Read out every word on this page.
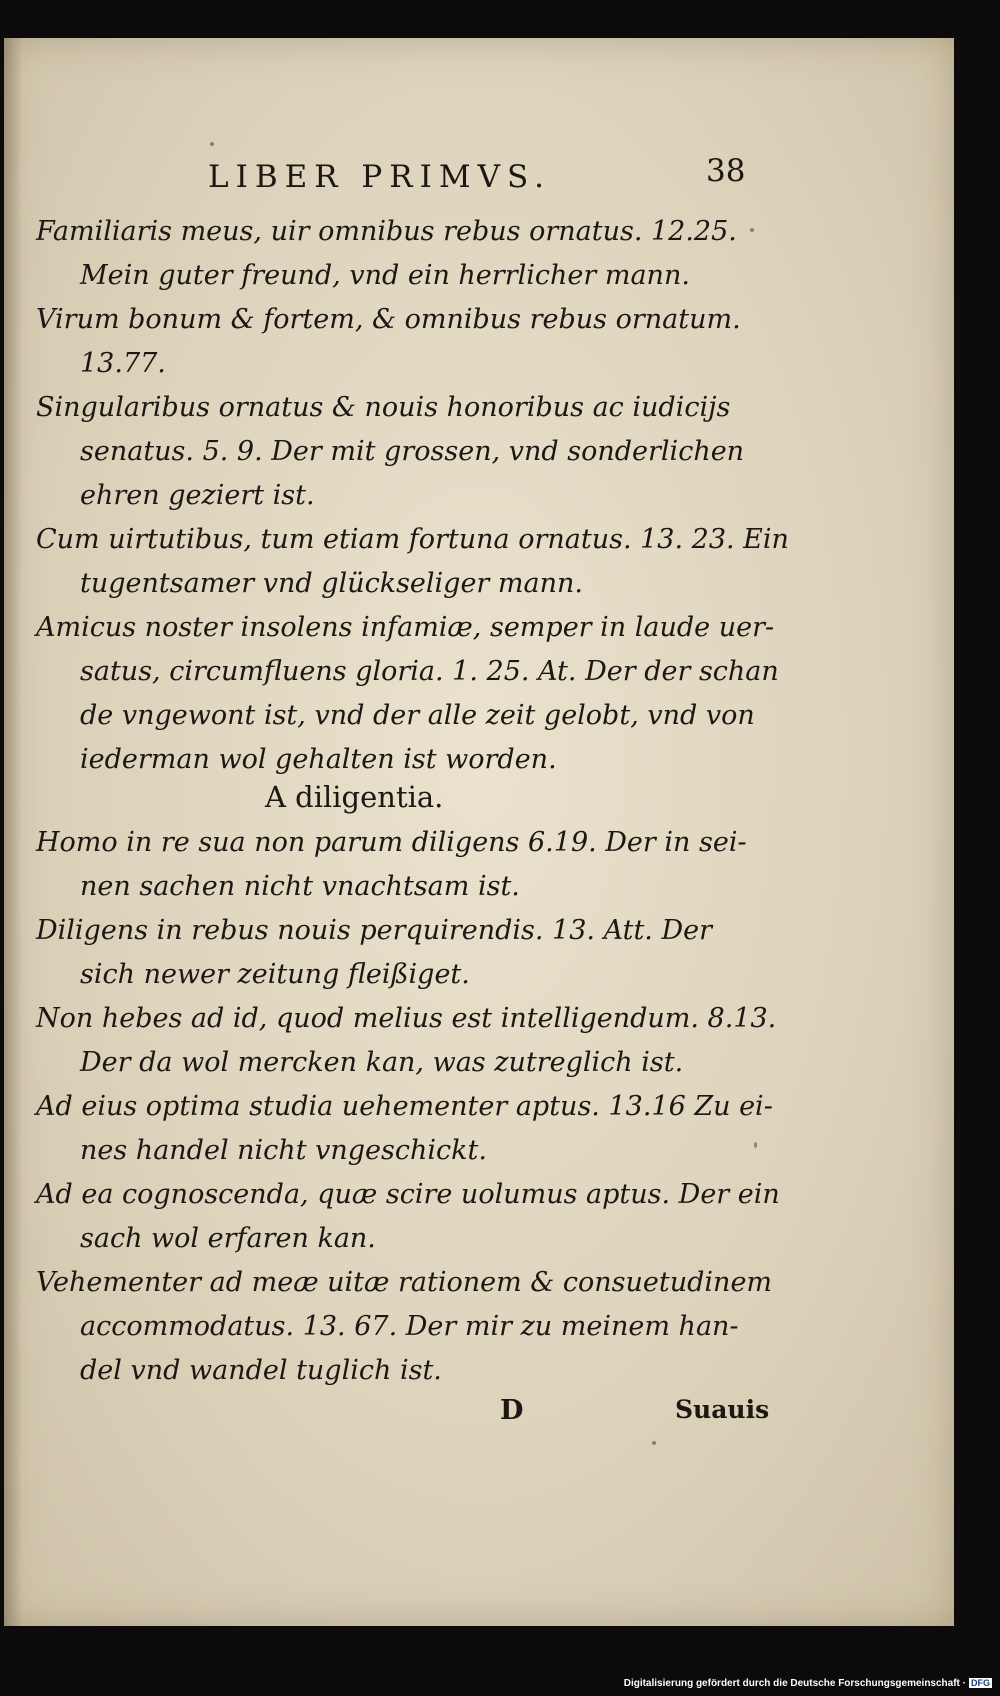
LIBER PRIMVS.	38
Familiaris meus, uir omnibus rebus ornatus. 12.25.
Mein guter freund, vnd ein herrlicher mann.
Virum bonum & fortem, & omnibus rebus ornatum.
13.77.
Singularibus ornatus & nouis honoribus ac iudicijs
senatus. 5. 9. Der mit grossen, vnd sonderlichen
ehren geziert ist.
Cum uirtutibus, tum etiam fortuna ornatus. 13. 23. Ein
tugentsamer vnd glückseliger mann.
Amicus noster insolens infamiæ, semper in laude uer-
satus, circumfluens gloria. 1. 25. At. Der der schan
de vngewont ist, vnd der alle zeit gelobt, vnd von
iederman wol gehalten ist worden.
A diligentia.
Homo in re sua non parum diligens 6.19. Der in sei-
nen sachen nicht vnachtsam ist.
Diligens in rebus nouis perquirendis. 13. Att. Der
sich newer zeitung fleißiget.
Non hebes ad id, quod melius est intelligendum. 8.13.
Der da wol mercken kan, was zutreglich ist.
Ad eius optima studia uehementer aptus. 13.16 Zu ei-
nes handel nicht vngeschickt.
Ad ea cognoscenda, quæ scire uolumus aptus. Der ein
sach wol erfaren kan.
Vehementer ad meæ uitæ rationem & consuetudinem
accommodatus. 13. 67. Der mir zu meinem han-
del vnd wandel tuglich ist.
D	Suauis
Digitalisierung gefördert durch die Deutsche Forschungsgemeinschaft · DFG
